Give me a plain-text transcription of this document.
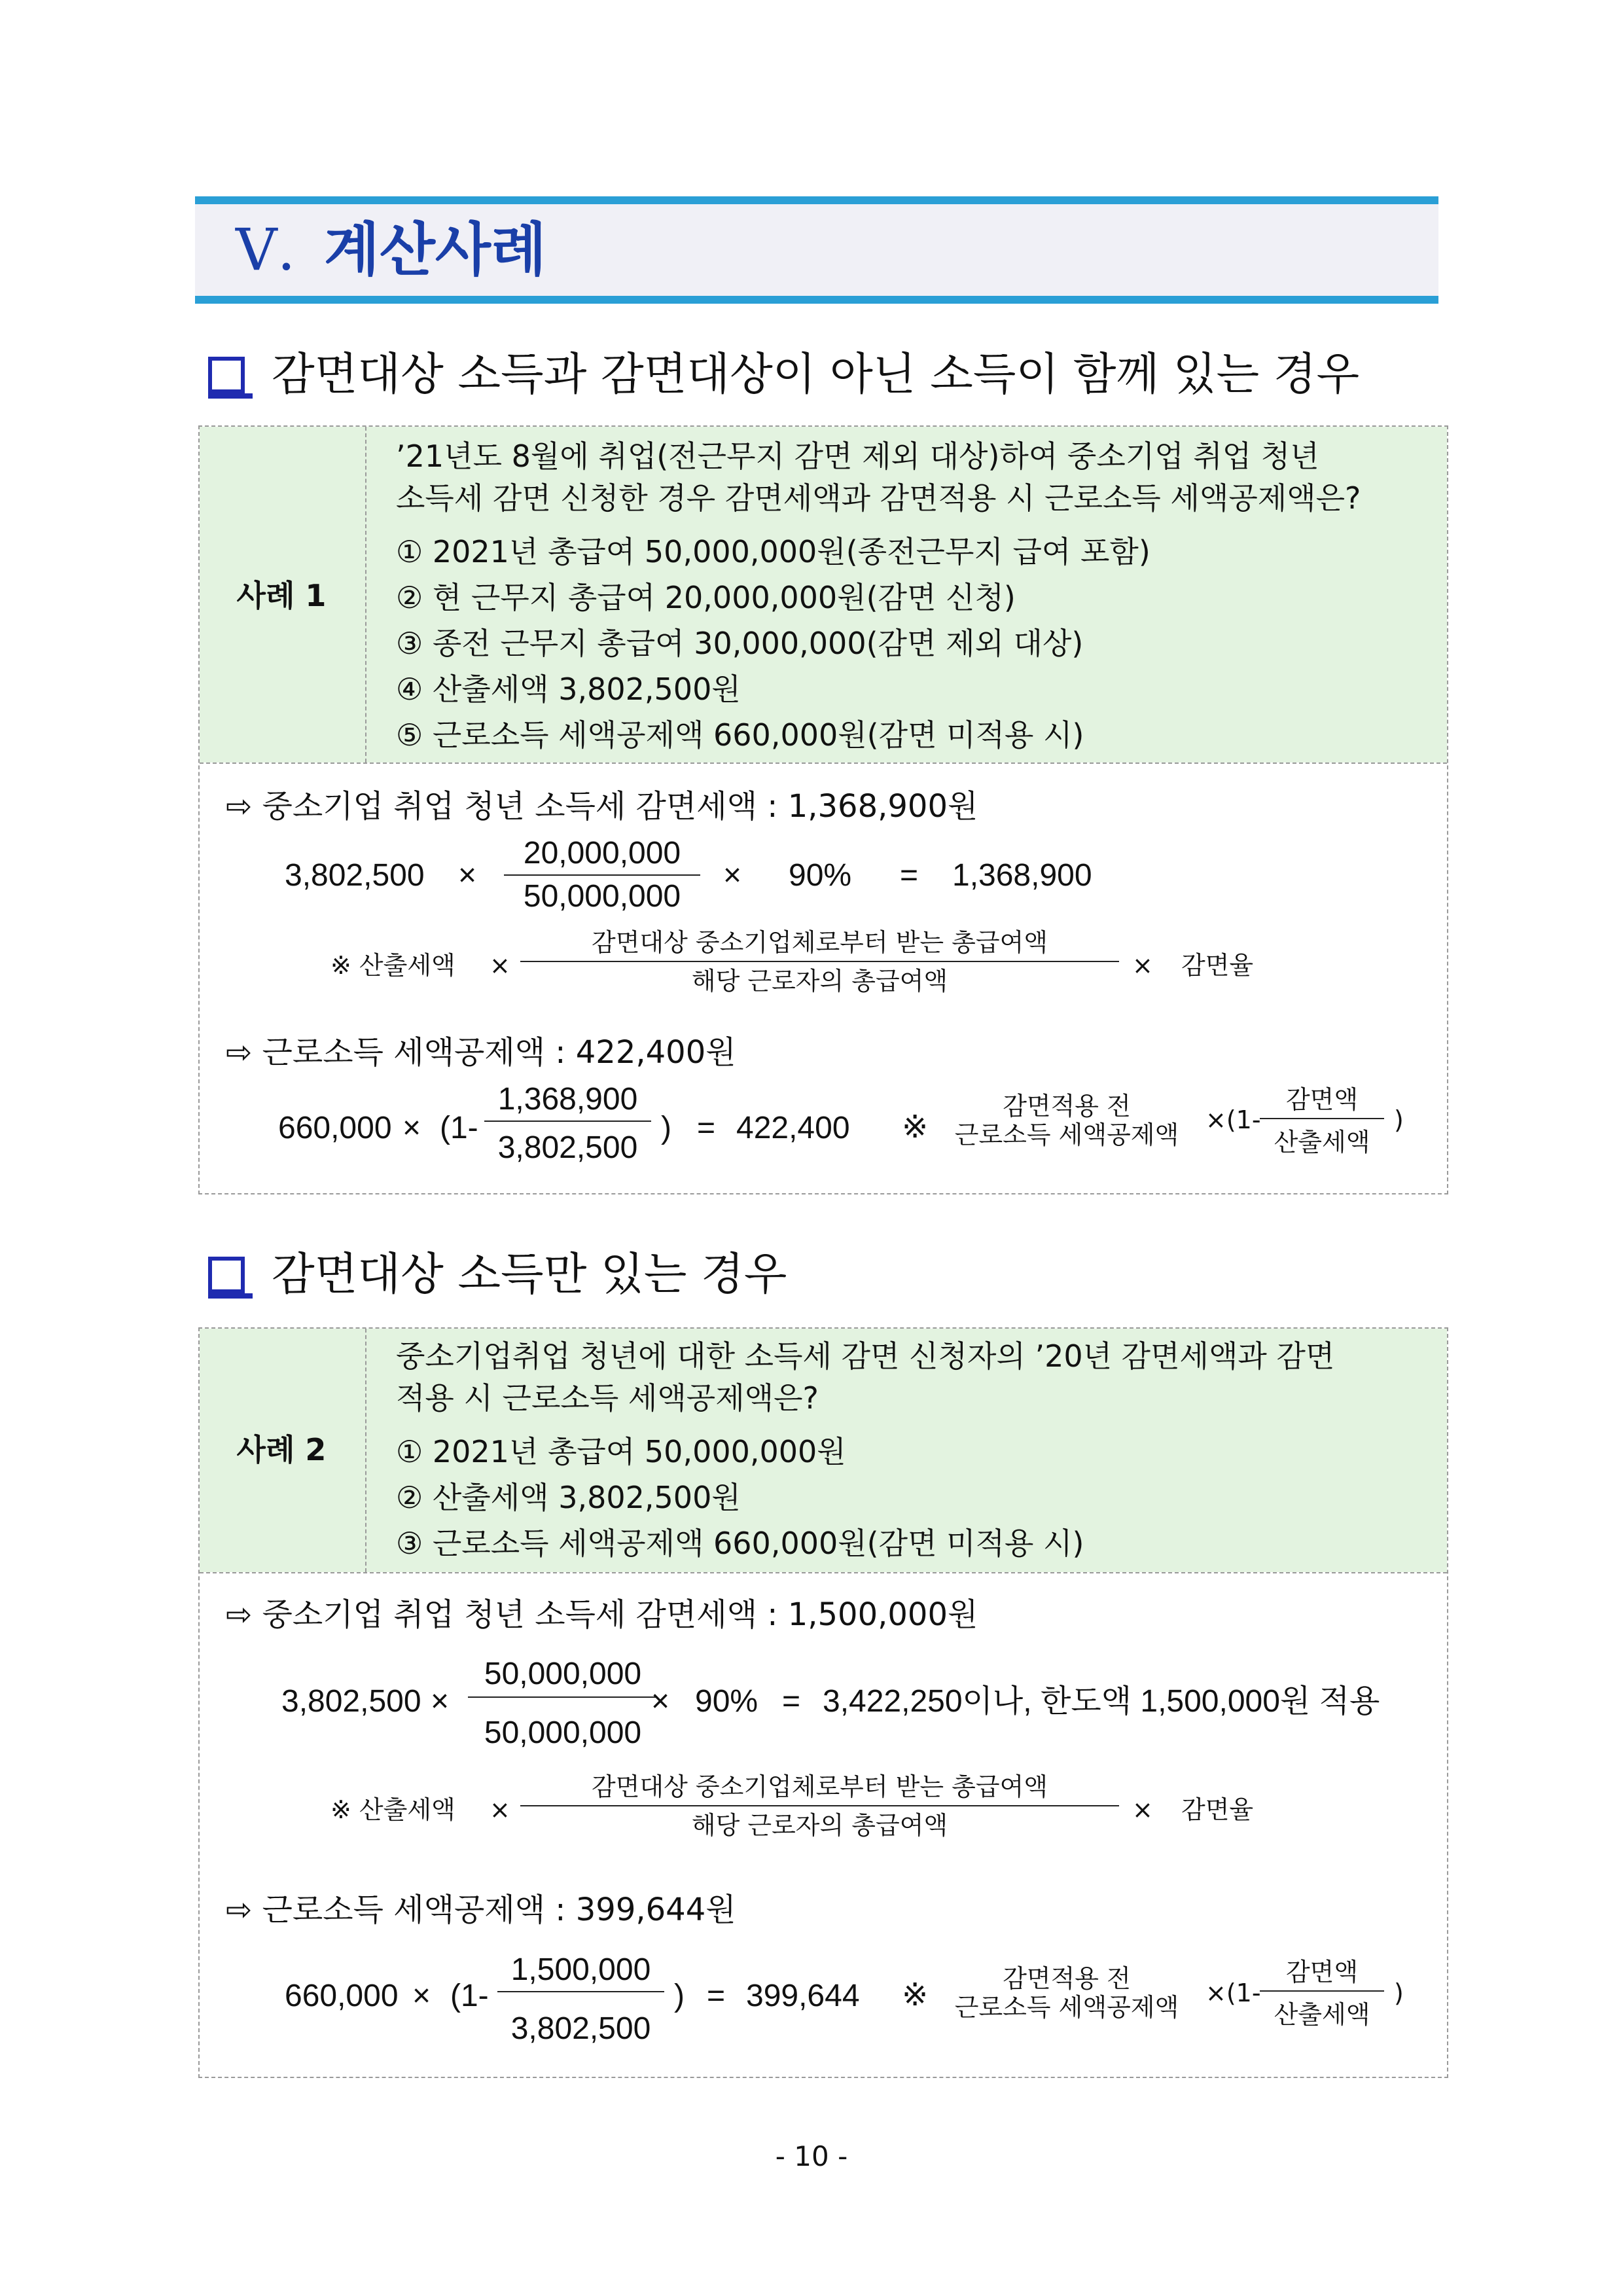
Ⅴ. 계산사례
감면대상 소득과 감면대상이 아닌 소득이 함께 있는 경우
사례 1
’21년도 8월에 취업(전근무지 감면 제외 대상)하여 중소기업 취업 청년
소득세 감면 신청한 경우 감면세액과 감면적용 시 근로소득 세액공제액은?
① 2021년 총급여 50,000,000원(종전근무지 급여 포함)
② 현 근무지 총급여 20,000,000원(감면 신청)
③ 종전 근무지 총급여 30,000,000(감면 제외 대상)
④ 산출세액 3,802,500원
⑤ 근로소득 세액공제액 660,000원(감면 미적용 시)
⇨ 중소기업 취업 청년 소득세 감면세액 : 1,368,900원
3,802,500 ×
20,000,000
50,000,000
× 90% = 1,368,900
※ 산출세액 ×
감면대상 중소기업체로부터 받는 총급여액
해당 근로자의 총급여액
× 감면율
⇨ 근로소득 세액공제액 : 422,400원
660,000 × (1-
1,368,900
3,802,500
) = 422,400 ※
감면적용 전
근로소득 세액공제액
×(1-
감면액
산출세액
)
감면대상 소득만 있는 경우
사례 2
중소기업취업 청년에 대한 소득세 감면 신청자의 ’20년 감면세액과 감면
적용 시 근로소득 세액공제액은?
① 2021년 총급여 50,000,000원
② 산출세액 3,802,500원
③ 근로소득 세액공제액 660,000원(감면 미적용 시)
⇨ 중소기업 취업 청년 소득세 감면세액 : 1,500,000원
3,802,500 ×
50,000,000
50,000,000
× 90% = 3,422,250이나, 한도액 1,500,000원 적용
※ 산출세액 ×
감면대상 중소기업체로부터 받는 총급여액
해당 근로자의 총급여액
× 감면율
⇨ 근로소득 세액공제액 : 399,644원
660,000 × (1-
1,500,000
3,802,500
) = 399,644 ※	감면적용 전
근로소득 세액공제액	×(1-
감면액
산출세액
)
- 10 -
